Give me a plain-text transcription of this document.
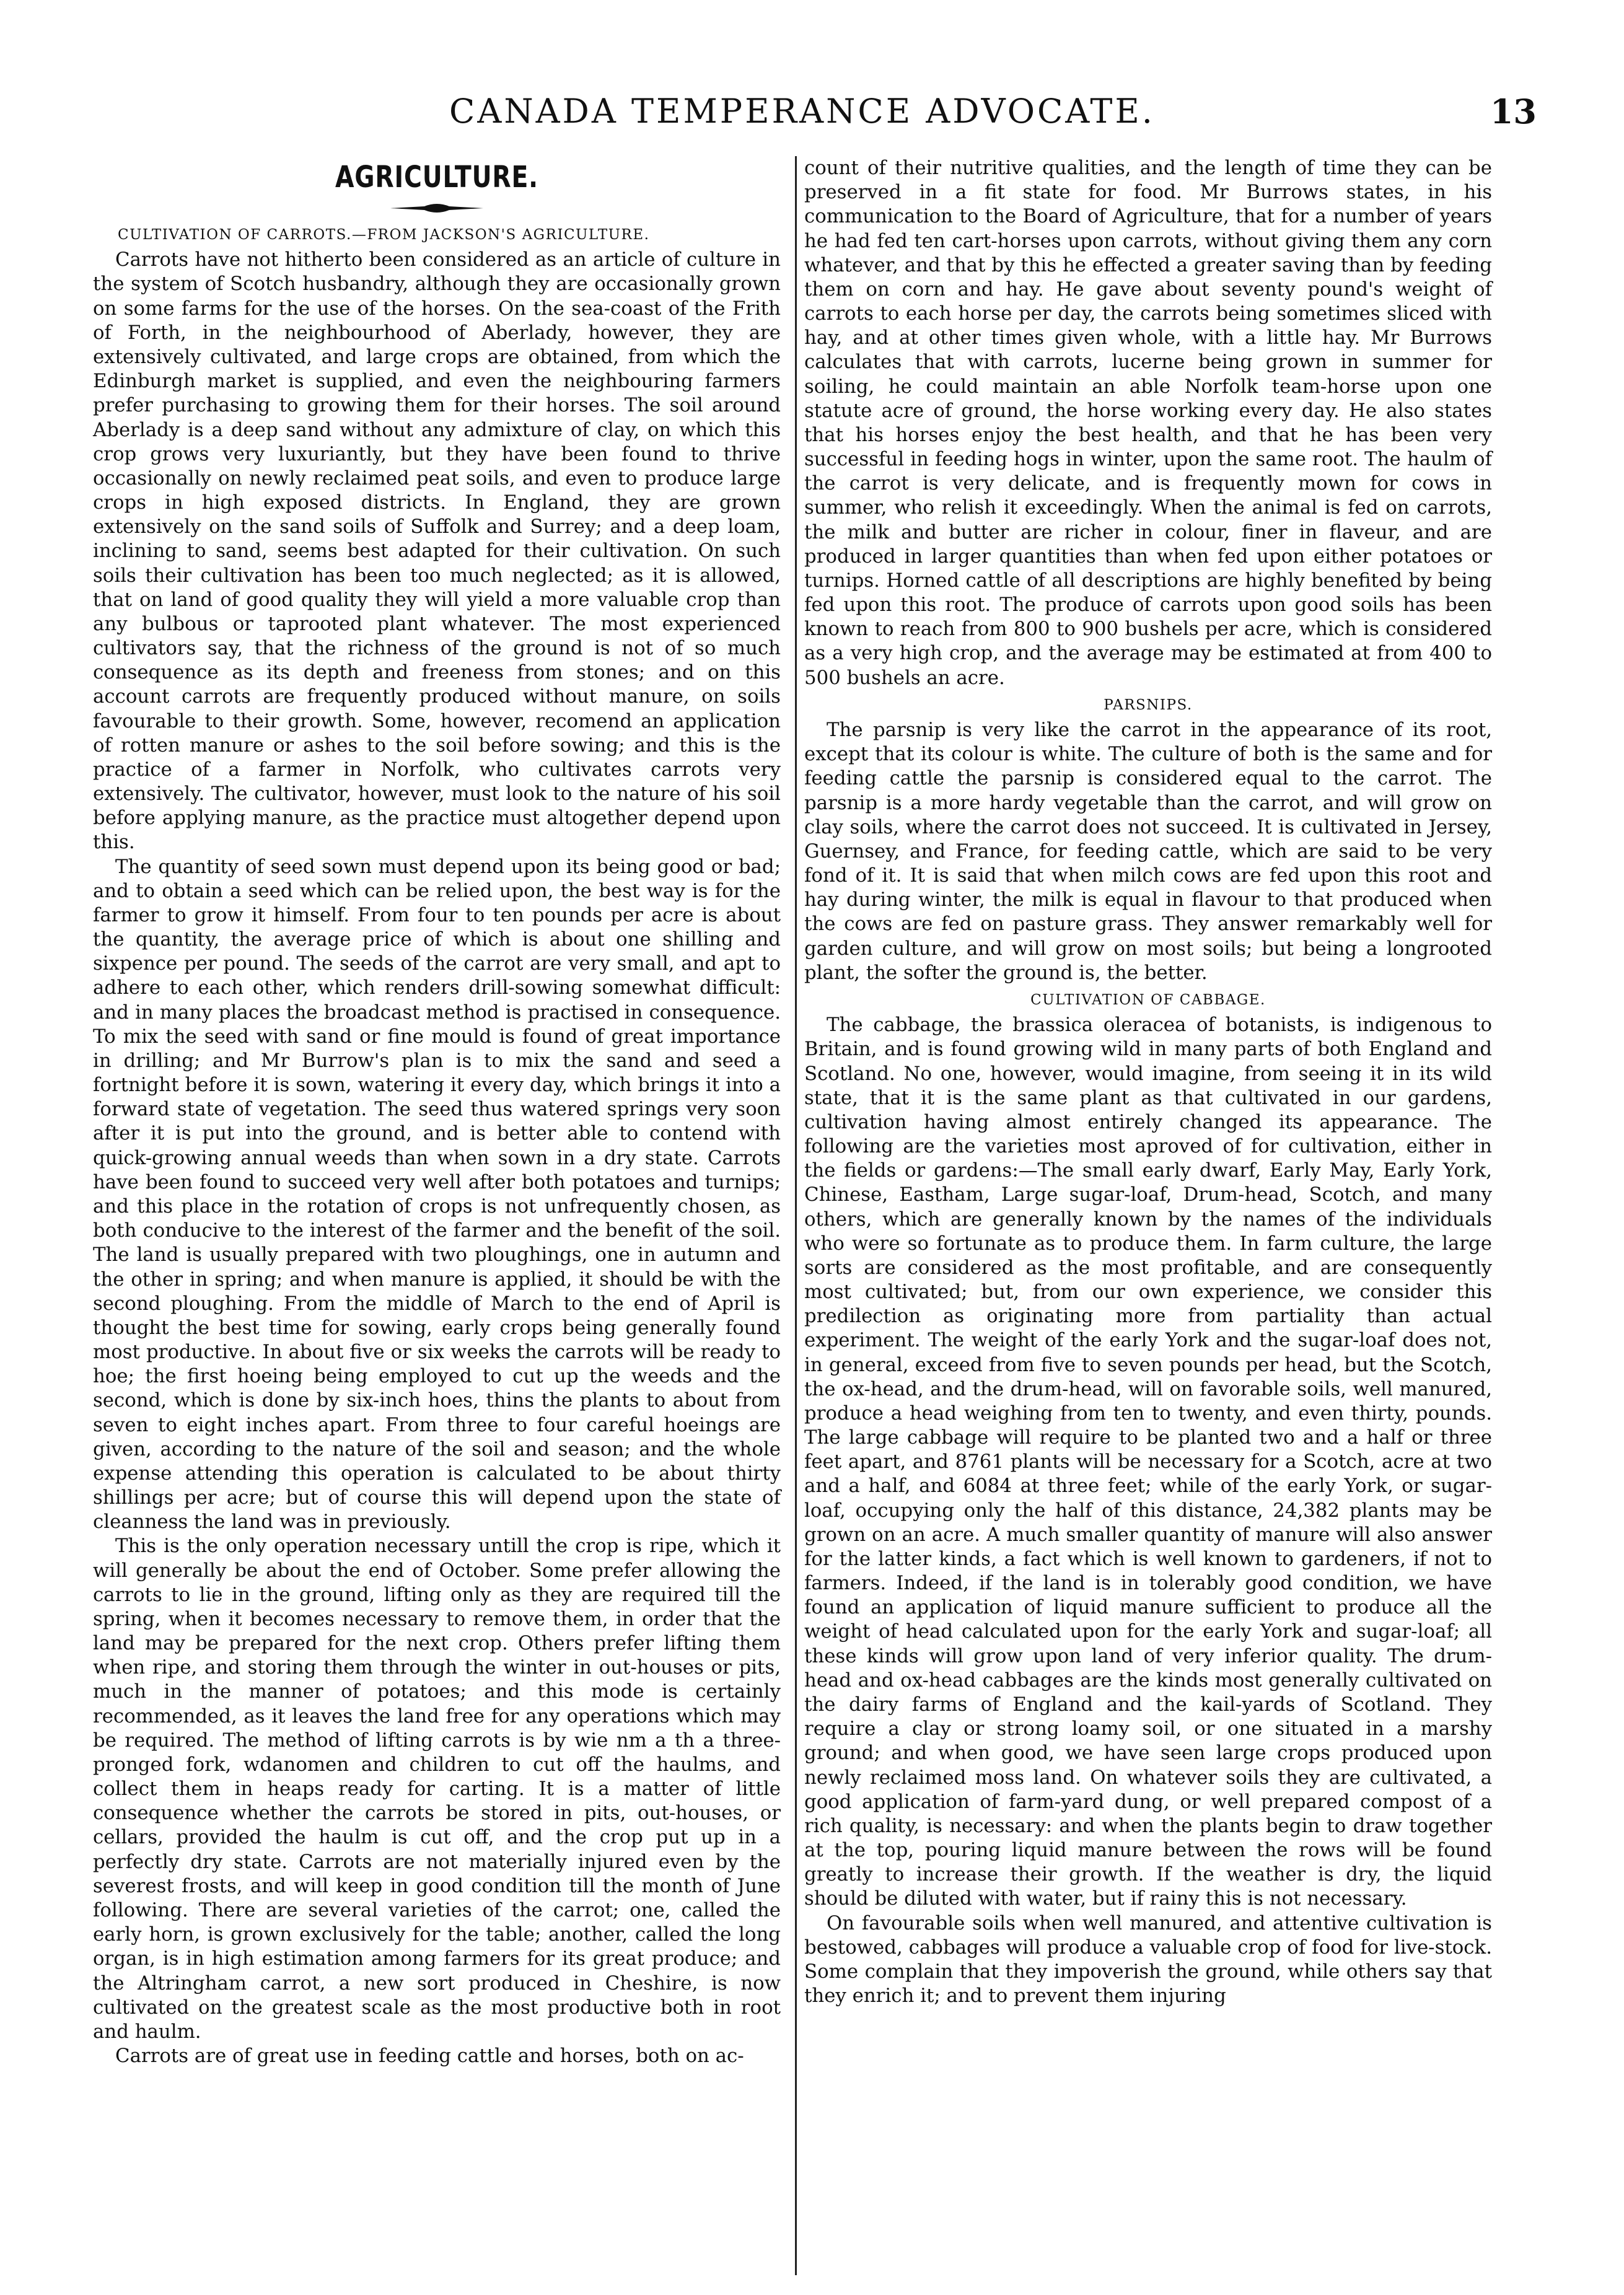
CANADA TEMPERANCE ADVOCATE.	13
AGRICULTURE.
CULTIVATION OF CARROTS.—FROM JACKSON'S AGRICULTURE.

Carrots have not hitherto been considered as an article of culture in the system of Scotch husbandry, although they are occasionally grown on some farms for the use of the horses. On the sea-coast of the Frith of Forth, in the neighbourhood of Aberlady, however, they are extensively cultivated, and large crops are obtained, from which the Edinburgh market is supplied, and even the neighbouring farmers prefer purchasing to growing them for their horses. The soil around Aberlady is a deep sand without any admixture of clay, on which this crop grows very luxuriantly, but they have been found to thrive occasionally on newly reclaimed peat soils, and even to produce large crops in high exposed districts. In England, they are grown extensively on the sand soils of Suffolk and Surrey; and a deep loam, inclining to sand, seems best adapted for their cultivation. On such soils their cultivation has been too much neglected; as it is allowed, that on land of good quality they will yield a more valuable crop than any bulbous or taprooted plant whatever. The most experienced cultivators say, that the richness of the ground is not of so much consequence as its depth and freeness from stones; and on this account carrots are frequently produced without manure, on soils favourable to their growth. Some, however, recomend an application of rotten manure or ashes to the soil before sowing; and this is the practice of a farmer in Norfolk, who cultivates carrots very extensively. The cultivator, however, must look to the nature of his soil before applying manure, as the practice must altogether depend upon this.

The quantity of seed sown must depend upon its being good or bad; and to obtain a seed which can be relied upon, the best way is for the farmer to grow it himself. From four to ten pounds per acre is about the quantity, the average price of which is about one shilling and sixpence per pound. The seeds of the carrot are very small, and apt to adhere to each other, which renders drill-sowing somewhat difficult: and in many places the broadcast method is practised in consequence. To mix the seed with sand or fine mould is found of great importance in drilling; and Mr Burrow's plan is to mix the sand and seed a fortnight before it is sown, watering it every day, which brings it into a forward state of vegetation. The seed thus watered springs very soon after it is put into the ground, and is better able to contend with quick-growing annual weeds than when sown in a dry state. Carrots have been found to succeed very well after both potatoes and turnips; and this place in the rotation of crops is not unfrequently chosen, as both conducive to the interest of the farmer and the benefit of the soil. The land is usually prepared with two ploughings, one in autumn and the other in spring; and when manure is applied, it should be with the second ploughing. From the middle of March to the end of April is thought the best time for sowing, early crops being generally found most productive. In about five or six weeks the carrots will be ready to hoe; the first hoeing being employed to cut up the weeds and the second, which is done by six-inch hoes, thins the plants to about from seven to eight inches apart. From three to four careful hoeings are given, according to the nature of the soil and season; and the whole expense attending this operation is calculated to be about thirty shillings per acre; but of course this will depend upon the state of cleanness the land was in previously.

This is the only operation necessary untill the crop is ripe, which it will generally be about the end of October. Some prefer allowing the carrots to lie in the ground, lifting only as they are required till the spring, when it becomes necessary to remove them, in order that the land may be prepared for the next crop. Others prefer lifting them when ripe, and storing them through the winter in out-houses or pits, much in the manner of potatoes; and this mode is certainly recommended, as it leaves the land free for any operations which may be required. The method of lifting carrots is by wie nm a th a three-pronged fork, wdanomen and children to cut off the haulms, and collect them in heaps ready for carting. It is a matter of little consequence whether the carrots be stored in pits, out-houses, or cellars, provided the haulm is cut off, and the crop put up in a perfectly dry state. Carrots are not materially injured even by the severest frosts, and will keep in good condition till the month of June following. There are several varieties of the carrot; one, called the early horn, is grown exclusively for the table; another, called the long organ, is in high estimation among farmers for its great produce; and the Altringham carrot, a new sort produced in Cheshire, is now cultivated on the greatest scale as the most productive both in root and haulm.

Carrots are of great use in feeding cattle and horses, both on ac-

count of their nutritive qualities, and the length of time they can be preserved in a fit state for food. Mr Burrows states, in his communication to the Board of Agriculture, that for a number of years he had fed ten cart-horses upon carrots, without giving them any corn whatever, and that by this he effected a greater saving than by feeding them on corn and hay. He gave about seventy pound's weight of carrots to each horse per day, the carrots being sometimes sliced with hay, and at other times given whole, with a little hay. Mr Burrows calculates that with carrots, lucerne being grown in summer for soiling, he could maintain an able Norfolk team-horse upon one statute acre of ground, the horse working every day. He also states that his horses enjoy the best health, and that he has been very successful in feeding hogs in winter, upon the same root. The haulm of the carrot is very delicate, and is frequently mown for cows in summer, who relish it exceedingly. When the animal is fed on carrots, the milk and butter are richer in colour, finer in flaveur, and are produced in larger quantities than when fed upon either potatoes or turnips. Horned cattle of all descriptions are highly benefited by being fed upon this root. The produce of carrots upon good soils has been known to reach from 800 to 900 bushels per acre, which is considered as a very high crop, and the average may be estimated at from 400 to 500 bushels an acre.

PARSNIPS.

The parsnip is very like the carrot in the appearance of its root, except that its colour is white. The culture of both is the same and for feeding cattle the parsnip is considered equal to the carrot. The parsnip is a more hardy vegetable than the carrot, and will grow on clay soils, where the carrot does not succeed. It is cultivated in Jersey, Guernsey, and France, for feeding cattle, which are said to be very fond of it. It is said that when milch cows are fed upon this root and hay during winter, the milk is equal in flavour to that produced when the cows are fed on pasture grass. They answer remarkably well for garden culture, and will grow on most soils; but being a longrooted plant, the softer the ground is, the better.

CULTIVATION OF CABBAGE.

The cabbage, the brassica oleracea of botanists, is indigenous to Britain, and is found growing wild in many parts of both England and Scotland. No one, however, would imagine, from seeing it in its wild state, that it is the same plant as that cultivated in our gardens, cultivation having almost entirely changed its appearance. The following are the varieties most aproved of for cultivation, either in the fields or gardens:—The small early dwarf, Early May, Early York, Chinese, Eastham, Large sugar-loaf, Drum-head, Scotch, and many others, which are generally known by the names of the individuals who were so fortunate as to produce them. In farm culture, the large sorts are considered as the most profitable, and are consequently most cultivated; but, from our own experience, we consider this predilection as originating more from partiality than actual experiment. The weight of the early York and the sugar-loaf does not, in general, exceed from five to seven pounds per head, but the Scotch, the ox-head, and the drum-head, will on favorable soils, well manured, produce a head weighing from ten to twenty, and even thirty, pounds. The large cabbage will require to be planted two and a half or three feet apart, and 8761 plants will be necessary for a Scotch, acre at two and a half, and 6084 at three feet; while of the early York, or sugar-loaf, occupying only the half of this distance, 24,382 plants may be grown on an acre. A much smaller quantity of manure will also answer for the latter kinds, a fact which is well known to gardeners, if not to farmers. Indeed, if the land is in tolerably good condition, we have found an application of liquid manure sufficient to produce all the weight of head calculated upon for the early York and sugar-loaf; all these kinds will grow upon land of very inferior quality. The drum-head and ox-head cabbages are the kinds most generally cultivated on the dairy farms of England and the kail-yards of Scotland. They require a clay or strong loamy soil, or one situated in a marshy ground; and when good, we have seen large crops produced upon newly reclaimed moss land. On whatever soils they are cultivated, a good application of farm-yard dung, or well prepared compost of a rich quality, is necessary: and when the plants begin to draw together at the top, pouring liquid manure between the rows will be found greatly to increase their growth. If the weather is dry, the liquid should be diluted with water, but if rainy this is not necessary.

On favourable soils when well manured, and attentive cultivation is bestowed, cabbages will produce a valuable crop of food for live-stock. Some complain that they impoverish the ground, while others say that they enrich it; and to prevent them injuring
